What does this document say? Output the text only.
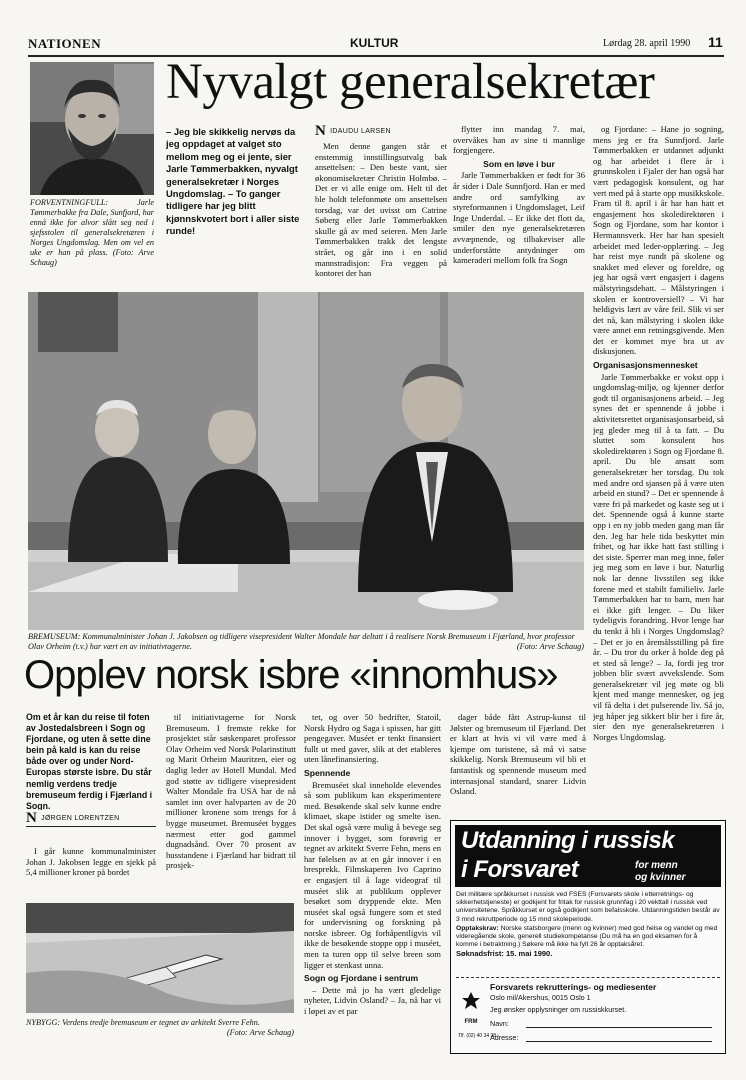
NATIONEN	KULTUR	Lørdag 28. april 1990 11
FORVENTNINGFULL: Jarle Tømmerbakke fra Dale, Sunfjord, har ennå ikke for alvor slått seg ned i sjefsstolen til generalsekretæren i Norges Ungdomslag. Men om vel en uke er han på plass. (Foto: Arve Schaug)
Nyvalgt generalsekretær
– Jeg ble skikkelig nervøs da jeg oppdaget at valget sto mellom meg og ei jente, sier Jarle Tømmerbakken, nyvalgt generalsekretær i Norges Ungdomslag. – To ganger tidligere har jeg blitt kjønnskvotert bort i aller siste runde!
NIDAUDU LARSEN

Men denne gangen står et enstemmig innstillingsutvalg bak ansettelsen: – Den beste vant, sier økonomisekretær Christin Holmbø. – Det er vi alle enige om. Helt til det ble holdt telefonmøte om ansettelsen torsdag, var det uvisst om Catrine Søberg eller Jarle Tømmerbakken skulle gå av med seieren. Men Jarle Tømmerbakken trakk det lengste strået, og går inn i en solid mannstradisjon: Fra veggen på kontoret der han

flytter inn mandag 7. mai, overvåkes han av sine ti mannlige forgjengere.

Som en løve i bur

Jarle Tømmerbakken er født for 36 år sider i Dale Sunnfjord. Han er med andre ord samfylking av styreformannen i Ungdomslaget, Leif Inge Underdal. – Er ikke det flott da, smiler den nye generalsekretæren avvæpnende, og tilbakeviser alle underforståtte antydninger om kameraderi mellom folk fra Sogn

og Fjordane: – Hane jo sogning, mens jeg er fra Sunnfjord. Jarle Tømmerbakken er utdannet adjunkt og har arbeidet i flere år i grunnskolen i Fjaler der han også har vært pedagogisk konsulent, og har vert med på å starte opp musikkskole. Fram til 8. april i år har han hatt et engasjement hos skoledirektøren i Sogn og Fjordane, som har kontor i Hermannsverk. Her har han spesielt arbeidet med leder-opplæring. – Jeg har reist mye rundt på skolene og snakket med elever og foreldre, og jeg har også vært engasjert i dagens målstyringsdebatt. – Målstyringen i skolen er kontroversiell? – Vi har heldigvis lært av våre feil. Slik vi ser det nå, kan målstyring i skolen ikke være annet enn retningsgivende. Men det er kommet mye bra ut av diskusjonen.

Organisasjonsmennesket

Jarle Tømmerbakke er vokst opp i ungdomslag-miljø, og kjenner derfor godt til organisasjonens arbeid. – Jeg synes det er spennende å jobbe i aktivitetsrettet organisasjonsarbeid, så jeg gleder meg til å ta fatt. – Du sluttet som konsulent hos skoledirektøren i Sogn og Fjordane 8. april. Du ble ansatt som generalsekretær her torsdag. Du tok med andre ord sjansen på å være uten arbeid en stund? – Det er spennende å være fri på markedet og kaste seg ut i det. Spennende også å kunne starte opp i en ny jobb meden gang man får den. Jeg har hele tida beskyttet min frihet, og har ikke hatt fast stilling i det siste. Sperrer man meg inne, føler jeg meg som en løve i bur. Naturlig nok lar denne livsstilen seg ikke forene med et stabilt familieliv. Jarle Tømmerbakken har to barn, men har ei ikke gift lenger. – Du liker tydeligvis forandring. Hvor lenge har du tenkt å bli i Norges Ungdomslag? – Det er jo en åremålsstilling på fire år. – Du tror du orker å holde deg på et sted så lenge? – Ja, fordi jeg tror jobben blir svært avvekslende. Som generalsekretær vil jeg møte og bli kjent med mange mennesker, og jeg vil få delta i det pulserende liv. Så jo, jeg håper jeg sikkert blir her i fire år, sier den nye generalsekretæren i Norges Ungdomslag.

BREMUSEUM: Kommunalminister Johan J. Jakobsen og tidligere visepresident Walter Mondale har deltatt i å realisere Norsk Bremuseum i Fjærland, hvor professor Olav Orheim (t.v.) har vært en av initiativtagerne.	(Foto: Arve Schaug)
Opplev norsk isbre «innomhus»
Om et år kan du reise til foten av Jostedalsbreen i Sogn og Fjordane, og uten å sette dine bein på kald is kan du reise både over og under Nord-Europas største isbre. Du står nemlig verdens tredje bremuseum ferdig i Fjærland i Sogn.
NJØRGEN LORENTZEN

I går kunne kommunalminister Johan J. Jakobsen legge en sjekk på 5,4 millioner kroner på bordet

til initiativtagerne for Norsk Bremuseum. I fremste rekke for prosjektet står søskenparet professor Olav Orheim ved Norsk Polarinstitutt og Marit Orheim Mauritzen, eier og daglig leder av Hotell Mundal. Med god støtte av tidligere visepresident Walter Mondale fra USA har de nå samlet inn over halvparten av de 20 millioner kronene som trengs for å bygge museumet. Bremuséet bygges nærmest etter god gammel dugnadsånd. Over 70 prosent av husstandene i Fjærland har bidratt til prosjek-

tet, og over 50 bedrifter, Statoil, Norsk Hydro og Saga i spissen, har gitt pengegaver. Muséet er tenkt finansiert fullt ut med gaver, slik at det etableres uten lånefinansiering.

Spennende

Bremuséet skal inneholde elevendes så som publikum kan eksperimentere med. Besøkende skal selv kunne endre klimaet, skape istider og smelte isen. Det skal også være mulig å bevege seg innover i bygget, som forøvrig er tegnet av arkitekt Sverre Fehn, mens en har følelsen av at en går innover i en bresprekk. Filmskaperen Ivo Caprino er engasjert til å lage videograf til muséet slik at publikum opplever besøket som dryppende ekte. Men muséet skal også fungere som et sted for undervisning og forskning på norske isbreer. Og forhåpentligvis vil ikke de besøkende stoppe opp i muséet, men ta turen opp til selve breen som ligger et stenkast unna.

Sogn og Fjordane i sentrum

– Dette må jo ha vært gledelige nyheter, Lidvin Osland? – Ja, nå har vi i løpet av et par

dager både fått Astrup-kunst til Jølster og bremuseum til Fjærland. Det er klart at hvis vi vil være med å kjempe om turistene, så må vi satse skikkelig. Norsk Bremuseum vil bli et fantastisk og spennende museum med internasjonal standard, snarer Lidvin Osland.

NYBYGG: Verdens tredje bremuseum er tegnet av arkitekt Sverre Fehn.

(Foto: Arve Schaug)
Utdanning i russisk
i Forsvaret	for menn
og kvinner
Det militære språkkurset i russisk ved FSES (Forsvarets skole i etterretnings- og sikkerhetstjeneste) er godkjent for fritak for russisk grunnfag i 20 vekttall i russisk ved universitetene. Språkkurset er også godkjent som befalsskole. Utdanningstiden består av 3 mnd rekruttperiode og 15 mnd skoleperiode.
Opptakskrav: Norske statsborgere (menn og kvinner) med god helse og vandel og med videregående skole, generell studiekompetanse (Du må ha en god eksamen for å komme i betraktning.) Søkere må ikke ha fylt 26 år opptaksåret.
Søknadsfrist: 15. mai 1990.
FRM
Forsvarets rekrutterings- og mediesenter
Oslo mil/Akershus, 0015 Oslo 1
Jeg ønsker opplysninger om russiskkurset.
Navn:
Tlf. (02) 40 34 38
Adresse:
